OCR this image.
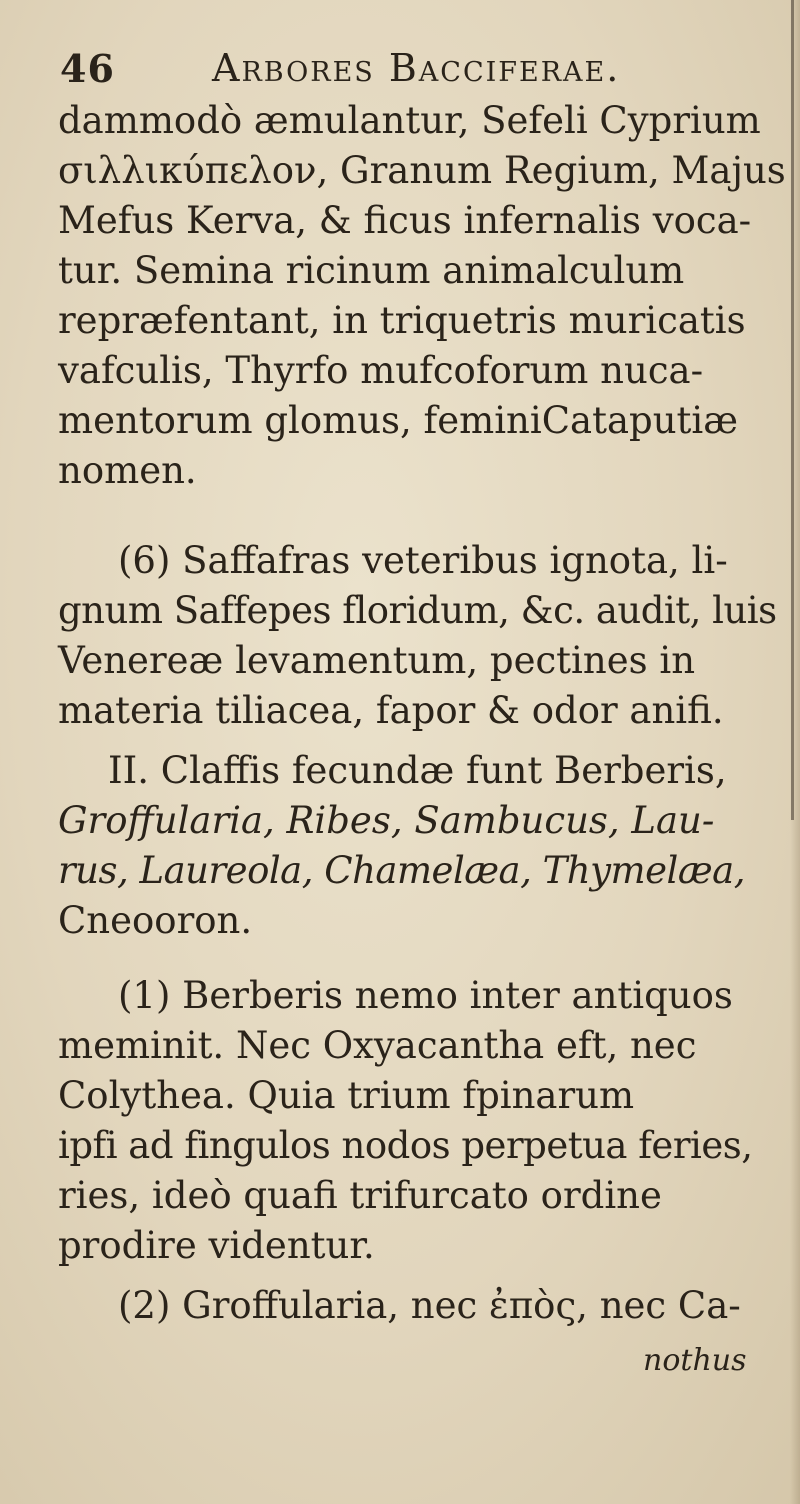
46	Arbores Bacciferae.
dammodò æmulantur, Sefeli Cyprium
σιλλικύπελον, Granum Regium, Majus
Mefus Kerva, & ficus infernalis voca-
tur. Semina ricinum animalculum
repræfentant, in triquetris muricatis
vafculis, Thyrfo mufcoforum nuca-
mentorum glomus, feminiCataputiæ
nomen.
(6) Saffafras veteribus ignota, li-
gnum Saffepes floridum, &c. audit, luis
Venereæ levamentum, pectines in
materia tiliacea, fapor & odor anifi.
II. Claffis fecundæ funt Berberis,
Groffularia, Ribes, Sambucus, Lau-
rus, Laureola, Chamelæa, Thymelæa,
Cneooron.
(1) Berberis nemo inter antiquos
meminit. Nec Oxyacantha eft, nec
Colythea. Quia trium fpinarum
ipfi ad fingulos nodos perpetua feries,
ries, ideò quafi trifurcato ordine
prodire videntur.
(2) Groffularia, nec ἐπὸς, nec Ca-
nothus
